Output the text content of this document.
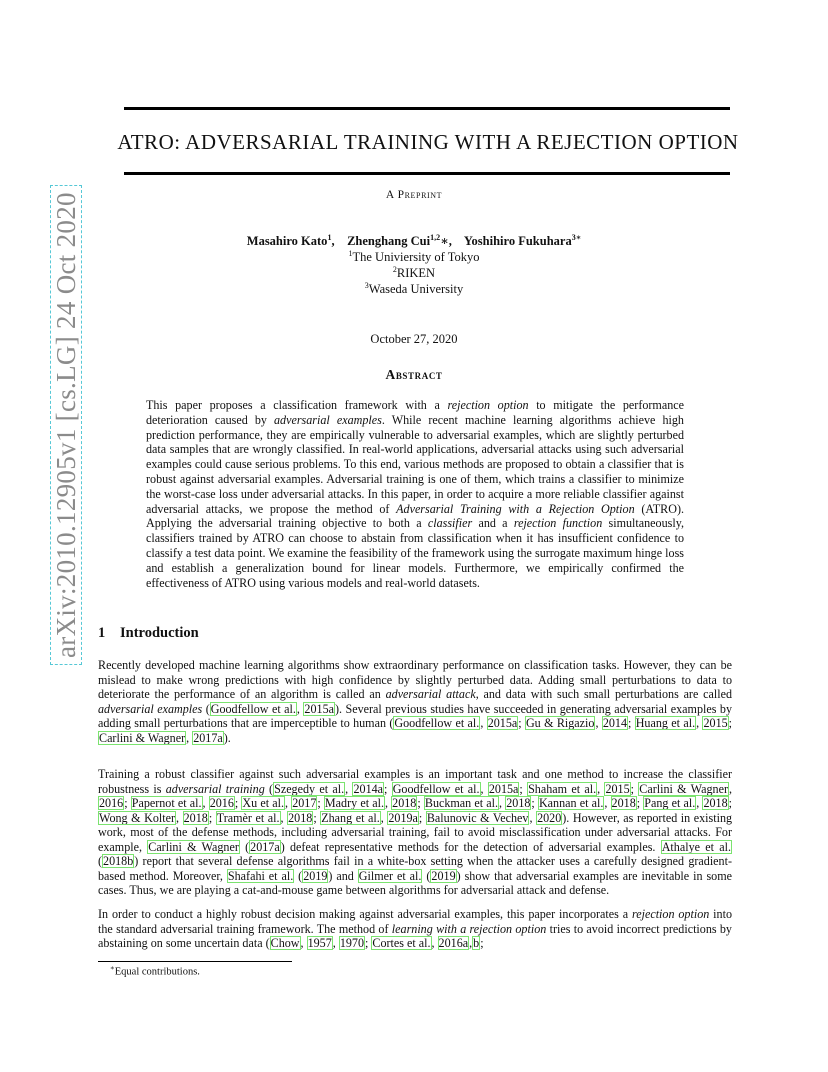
arXiv:2010.12905v1 [cs.LG] 24 Oct 2020
ATRO: ADVERSARIAL TRAINING WITH A REJECTION OPTION
A Preprint
Masahiro Kato$^1$, Zhenghang Cui$^{1,2}$∗, Yoshihiro Fukuhara$^{3∗}$
$^1$The Univiersity of Tokyo
$^2$RIKEN
$^3$Waseda University
October 27, 2020
Abstract
This paper proposes a classification framework with a rejection option to mitigate the performance deterioration caused by adversarial examples. While recent machine learning algorithms achieve high prediction performance, they are empirically vulnerable to adversarial examples, which are slightly perturbed data samples that are wrongly classified. In real-world applications, adversarial attacks using such adversarial examples could cause serious problems. To this end, various methods are proposed to obtain a classifier that is robust against adversarial examples. Adversarial training is one of them, which trains a classifier to minimize the worst-case loss under adversarial attacks. In this paper, in order to acquire a more reliable classifier against adversarial attacks, we propose the method of Adversarial Training with a Rejection Option (ATRO). Applying the adversarial training objective to both a classifier and a rejection function simultaneously, classifiers trained by ATRO can choose to abstain from classification when it has insufficient confidence to classify a test data point. We examine the feasibility of the framework using the surrogate maximum hinge loss and establish a generalization bound for linear models. Furthermore, we empirically confirmed the effectiveness of ATRO using various models and real-world datasets.
1 Introduction
Recently developed machine learning algorithms show extraordinary performance on classification tasks. However, they can be mislead to make wrong predictions with high confidence by slightly perturbed data. Adding small perturbations to data to deteriorate the performance of an algorithm is called an adversarial attack, and data with such small perturbations are called adversarial examples (Goodfellow et al., 2015a). Several previous studies have succeeded in generating adversarial examples by adding small perturbations that are imperceptible to human (Goodfellow et al., 2015a; Gu & Rigazio, 2014; Huang et al., 2015; Carlini & Wagner, 2017a).
Training a robust classifier against such adversarial examples is an important task and one method to increase the classifier robustness is adversarial training (Szegedy et al., 2014a; Goodfellow et al., 2015a; Shaham et al., 2015; Carlini & Wagner, 2016; Papernot et al., 2016; Xu et al., 2017; Madry et al., 2018; Buckman et al., 2018; Kannan et al., 2018; Pang et al., 2018; Wong & Kolter, 2018; Tramèr et al., 2018; Zhang et al., 2019a; Balunovic & Vechev, 2020). However, as reported in existing work, most of the defense methods, including adversarial training, fail to avoid misclassification under adversarial attacks. For example, Carlini & Wagner (2017a) defeat representative methods for the detection of adversarial examples. Athalye et al. (2018b) report that several defense algorithms fail in a white-box setting when the attacker uses a carefully designed gradient-based method. Moreover, Shafahi et al. (2019) and Gilmer et al. (2019) show that adversarial examples are inevitable in some cases. Thus, we are playing a cat-and-mouse game between algorithms for adversarial attack and defense.
In order to conduct a highly robust decision making against adversarial examples, this paper incorporates a rejection option into the standard adversarial training framework. The method of learning with a rejection option tries to avoid incorrect predictions by abstaining on some uncertain data (Chow, 1957, 1970; Cortes et al., 2016a,b;
∗Equal contributions.
